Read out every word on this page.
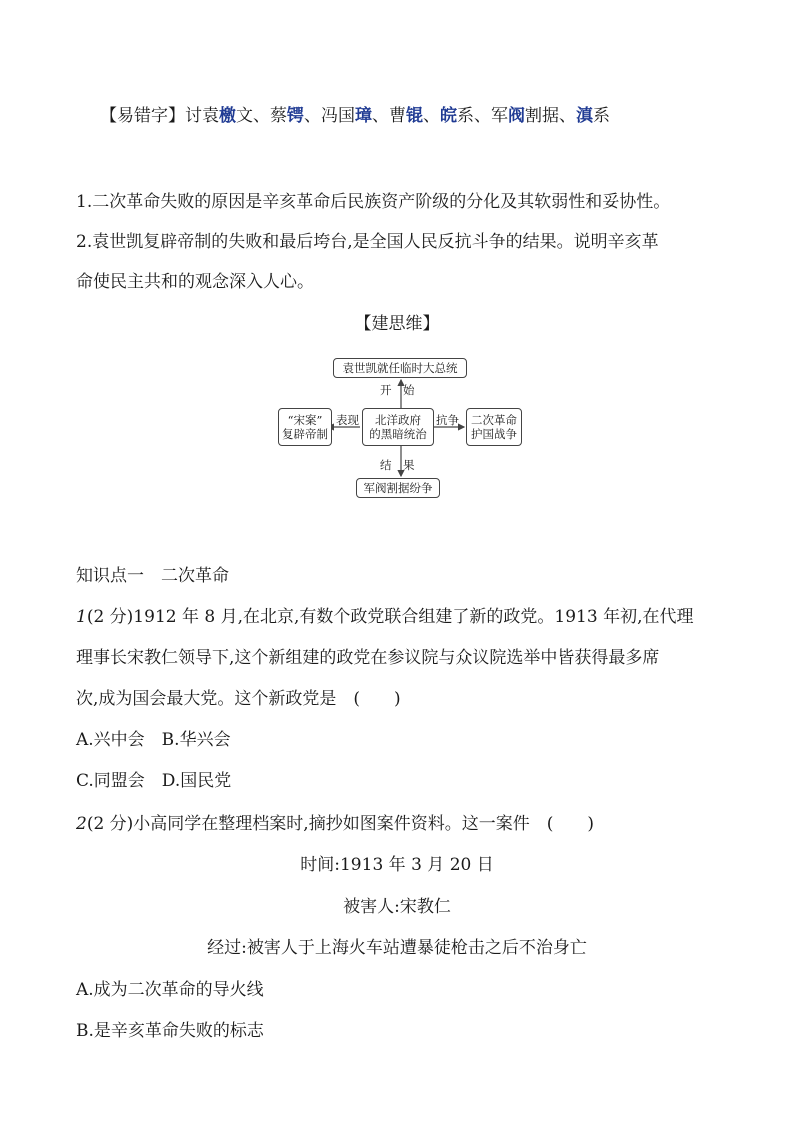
【易错字】讨袁檄文、蔡锷、冯国璋、曹锟、皖系、军阀割据、滇系
1.二次革命失败的原因是辛亥革命后民族资产阶级的分化及其软弱性和妥协性。
2.袁世凯复辟帝制的失败和最后垮台,是全国人民反抗斗争的结果。说明辛亥革
命使民主共和的观念深入人心。
【建思维】
袁世凯就任临时大总统
开　始
“宋案”
复辟帝制
表现 北洋政府
的黑暗统治
抗争 二次革命
护国战争
结　果
军阀割据纷争
知识点一　二次革命
1(2 分)1912 年 8 月,在北京,有数个政党联合组建了新的政党。1913 年初,在代理
理事长宋教仁领导下,这个新组建的政党在参议院与众议院选举中皆获得最多席
次,成为国会最大党。这个新政党是　(　　)
A.兴中会　B.华兴会
C.同盟会　D.国民党
2(2 分)小高同学在整理档案时,摘抄如图案件资料。这一案件　(　　)
时间:1913 年 3 月 20 日
被害人:宋教仁
经过:被害人于上海火车站遭暴徒枪击之后不治身亡
A.成为二次革命的导火线
B.是辛亥革命失败的标志
